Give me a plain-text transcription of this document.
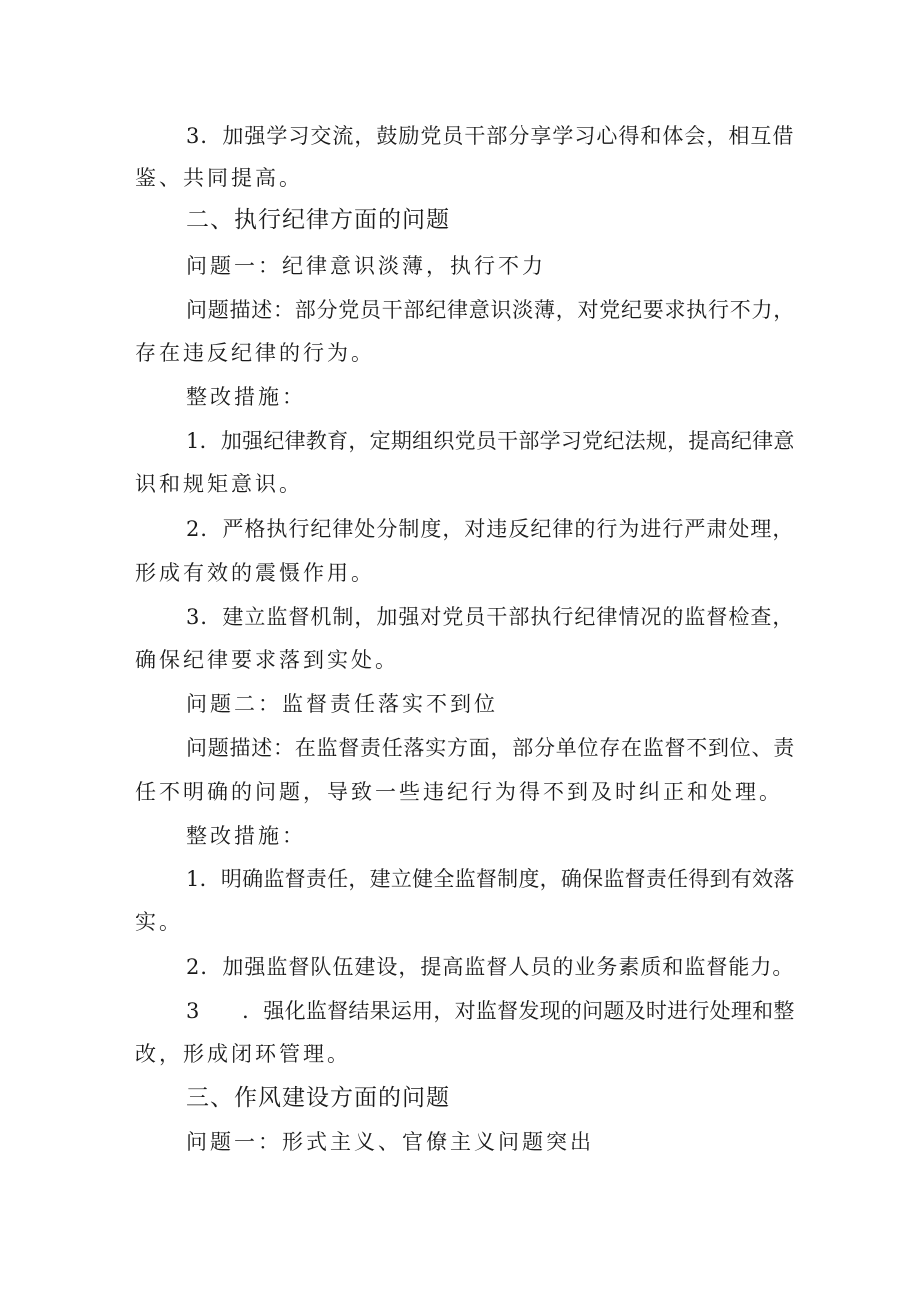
3．加强学习交流，鼓励党员干部分享学习心得和体会，相互借
鉴、共同提高。
二、执行纪律方面的问题
问题一：纪律意识淡薄，执行不力
问题描述：部分党员干部纪律意识淡薄，对党纪要求执行不力，
存在违反纪律的行为。
整改措施：
1．加强纪律教育，定期组织党员干部学习党纪法规，提高纪律意
识和规矩意识。
2．严格执行纪律处分制度，对违反纪律的行为进行严肃处理，
形成有效的震慑作用。
3．建立监督机制，加强对党员干部执行纪律情况的监督检查，
确保纪律要求落到实处。
问题二：监督责任落实不到位
问题描述：在监督责任落实方面，部分单位存在监督不到位、责
任不明确的问题，导致一些违纪行为得不到及时纠正和处理。
整改措施：
1．明确监督责任，建立健全监督制度，确保监督责任得到有效落
实。
2．加强监督队伍建设，提高监督人员的业务素质和监督能力。
3　　．强化监督结果运用，对监督发现的问题及时进行处理和整
改，形成闭环管理。
三、作风建设方面的问题
问题一：形式主义、官僚主义问题突出
